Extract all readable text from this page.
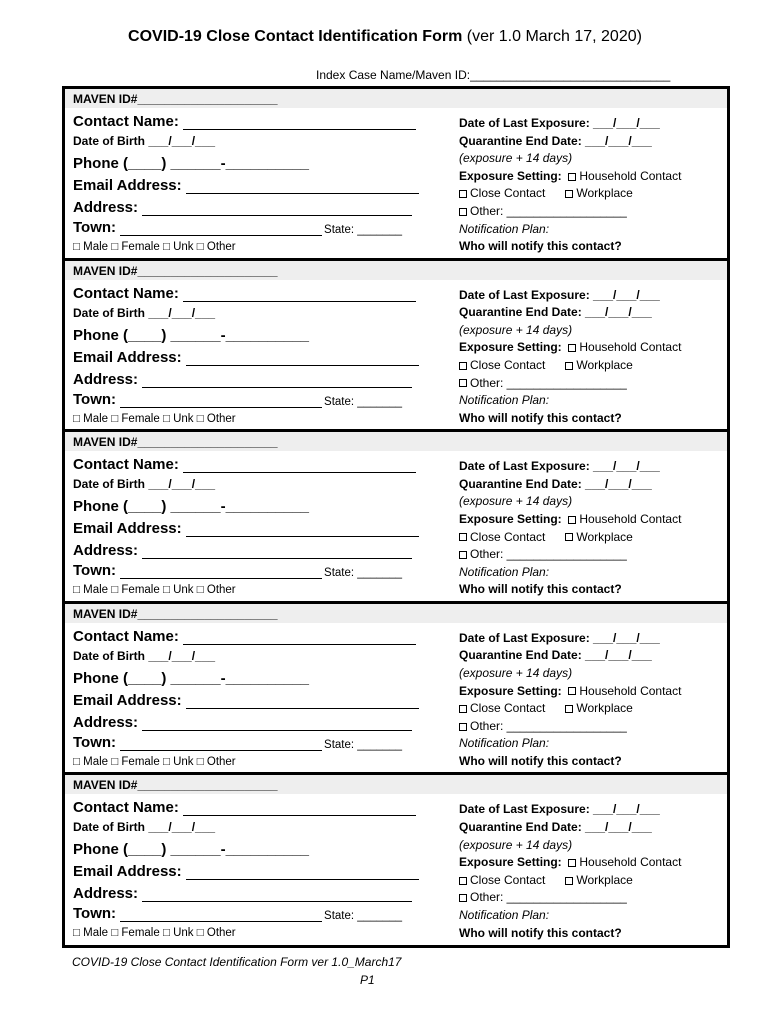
COVID-19 Close Contact Identification Form (ver 1.0 March 17, 2020)
Index Case Name/Maven ID:______________________________
MAVEN ID#_____________________
Contact Name:
Date of Birth ___/___/___
Phone (____) ______-__________
Email Address:
Address:
Town:	State: _______
□ Male □ Female □ Unk □ Other
Date of Last Exposure: ___/___/___
Quarantine End Date: ___/___/___
(exposure + 14 days)
Exposure Setting: Household Contact
Close Contact	Workplace
Other: __________________
Notification Plan:
Who will notify this contact?
MAVEN ID#_____________________
Contact Name:
Date of Birth ___/___/___
Phone (____) ______-__________
Email Address:
Address:
Town:	State: _______
□ Male □ Female □ Unk □ Other
Date of Last Exposure: ___/___/___
Quarantine End Date: ___/___/___
(exposure + 14 days)
Exposure Setting: Household Contact
Close Contact	Workplace
Other: __________________
Notification Plan:
Who will notify this contact?
MAVEN ID#_____________________
Contact Name:
Date of Birth ___/___/___
Phone (____) ______-__________
Email Address:
Address:
Town:	State: _______
□ Male □ Female □ Unk □ Other
Date of Last Exposure: ___/___/___
Quarantine End Date: ___/___/___
(exposure + 14 days)
Exposure Setting: Household Contact
Close Contact	Workplace
Other: __________________
Notification Plan:
Who will notify this contact?
MAVEN ID#_____________________
Contact Name:
Date of Birth ___/___/___
Phone (____) ______-__________
Email Address:
Address:
Town:	State: _______
□ Male □ Female □ Unk □ Other
Date of Last Exposure: ___/___/___
Quarantine End Date: ___/___/___
(exposure + 14 days)
Exposure Setting: Household Contact
Close Contact	Workplace
Other: __________________
Notification Plan:
Who will notify this contact?
MAVEN ID#_____________________
Contact Name:
Date of Birth ___/___/___
Phone (____) ______-__________
Email Address:
Address:
Town:	State: _______
□ Male □ Female □ Unk □ Other
Date of Last Exposure: ___/___/___
Quarantine End Date: ___/___/___
(exposure + 14 days)
Exposure Setting: Household Contact
Close Contact	Workplace
Other: __________________
Notification Plan:
Who will notify this contact?
COVID-19 Close Contact Identification Form ver 1.0_March17
P1
